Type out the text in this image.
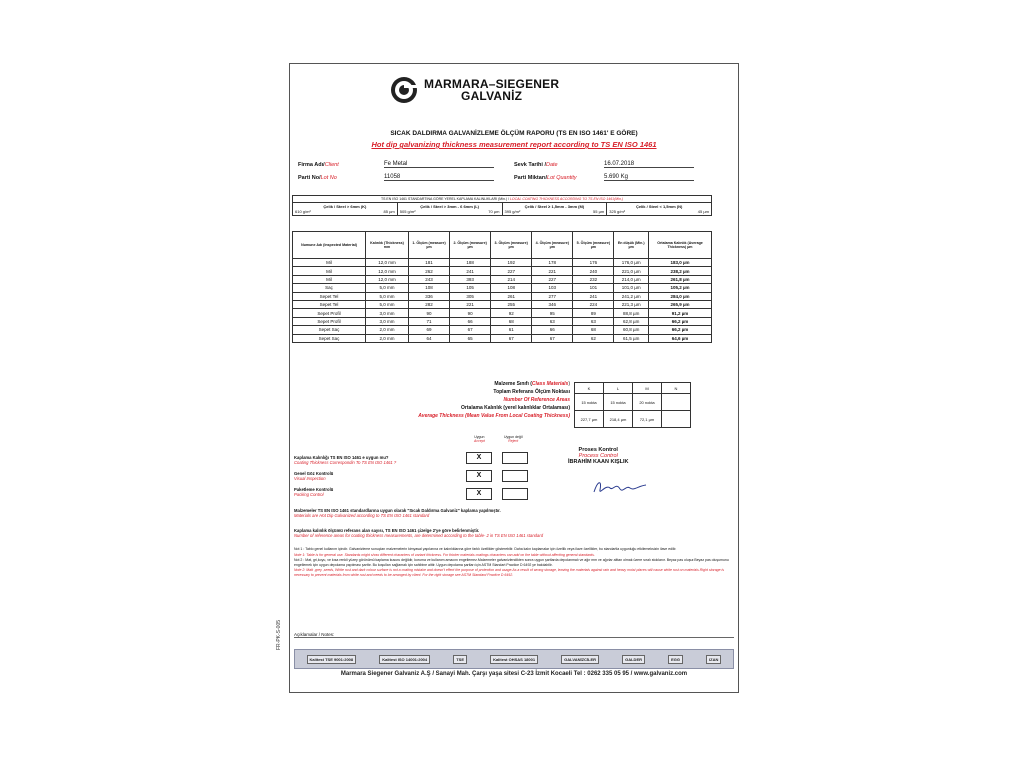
MARMARA–SIEGENER
GALVANİZ
SICAK DALDIRMA GALVANİZLEME ÖLÇÜM RAPORU (TS EN ISO 1461' E GÖRE)
Hot dip galvanizing thickness measurement report according to TS EN ISO 1461
Firma Adı/Client	Fe Metal	Sevk Tarihi /Date	16.07.2018
Parti No/Lot No	11058	Parti Miktarı/Lot Quantity	5.690 Kg
TS EN ISO 1461 STANDARTINA GÖRE YEREL KAPLAMA KALINLIKLARI (Min.) / LOCAL COATING THICKNESS ACCORDING TO TS EN ISO 1461(Min.)
Çelik / Steel > 6mm (K)
610 g/m²	85 µm
Çelik / Steel > 3mm - 6 6mm (L)
505 g/m²	70 µm
Çelik / Steel ≥ 1,5mm - 3mm (M)
395 g/m²	55 µm
Çelik / Steel < 1,5mm (N)
325 g/m²	45 µm
Numune Adı (Inspected Material)	Kalınlık (Thickness) mm	1. Ölçüm (measure) µm	2. Ölçüm (measure) µm	3. Ölçüm (measure) µm	4. Ölçüm (measure) µm	5. Ölçüm (measure) µm	En düşük (Min.) µm	Ortalama Kalınlık (Average Thickness) µm
Mil	12,0 mm	181	188	192	178	176	176,0 µm	183,0 µm
Mil	12,0 mm	262	241	227	221	240	221,0 µm	238,2 µm
Mil	12,0 mm	243	393	214	227	232	214,0 µm	261,8 µm
Saç	5,0 mm	108	105	108	103	101	101,0 µm	105,2 µm
Sepet Tel	5,0 mm	336	305	261	277	241	241,2 µm	284,0 µm
Sepet Tel	5,0 mm	282	221	255	346	224	221,3 µm	265,9 µm
Sepet Profil	3,0 mm	90	90	92	95	89	88,8 µm	91,2 µm
Sepet Profil	3,0 mm	71	66	68	63	63	62,8 µm	66,2 µm
Sepet Saç	2,0 mm	69	67	61	66	68	60,8 µm	66,2 µm
Sepet Saç	2,0 mm	64	65	67	67	62	61,5 µm	64,6 µm
Malzeme Sınıfı (Class Materials)
Toplam Referans Ölçüm Noktası
Number Of Reference Areas
Ortalama Kalınlık (yerel kalınlıklar Ortalaması)
Average Thickness (Mean Value From Local Coating Thickness)
K	L	M	N
15 nokta	15 nokta	20 nokta	
227,7 µm	218,4 µm	72,1 µm	
Uygun
Accept
Uygun değil
Reject
Kaplama Kalınlığı TS EN ISO 1461 e uygun mu?
Coating Thickness Correspondin To TS EN ISO 1461 ?
X
Genel Göz Kontrolü
Visual Inspection	X
Paketleme Kontrolü
Packing Control	X
Proses Kontrol
Process Control
İBRAHİM KAAN KIŞLIK
Malzemeler TS EN ISO 1461 standardlarına uygun olarak "Sıcak Daldırma Galvaniz" kaplama yapılmıştır.
Materials are Hot Dip Galvanized according to TS EN ISO 1461 standard
Kaplama kalınlık ölçümü referans alan sayısı, TS EN ISO 1461 çizelge 2'ye göre belirlenmiştir.
Number of reference areas for coating thickness measurements, are determined according to the table- 2 in TS EN ISO 1461 standard

Not 1 : Tablo genel kullanım içindir. Galvanizleme sonuçları malzemelerin kimyasal yapılarına ve kalınlıklarına göre farklı özellikler gösterebilir. Daha kalın kaplamalar için özellik veya ilave özellikler, bu standartla uygunluğu etkilemeksizin ilave edilir.

Note 1: Table is for general use. Standards might show different characters of variant thickness. For thicker materials coatings characters can add on the table without affecting general standards.

Not 2 : Mat, gri,koyu, ve kısa renkli yüzey görünümü kaplama kusuru değildir, koruma ve kullanım amacını engellemez.Malzemeler galvanizlendikten sonra uygun şartlarda depolanmalı ve ağır mm ve ağırlar alttan olmak üzere sıralı stoklanır. Beyaz pas oluşur.Beyaz pas oluşumunu engellemek için uygun depolama yapılması şarttır. Bu koşulları sağlamak için sahibine aittir. Uygun depolama şartları için ASTM Standart Practice D 6492 ye bakılabilir.

Note 2: Matt ,grey ,seeds, White rust and dark colour surface is not a coating mistake and doesn't effect the purpose of protection and usage.As a result of wrong storage, leaving the materials against rain and heavy moist places will cause white rust on materials.Right storage is necessary to prevent materials from white rust and needs to be arranged by client. For the right storage see ASTM Standard Practice D 6492.

Açıklamalar / Notes:
Kalitest TSE 9001:2008	Kalitest ISO 14001:2004	TSE	Kalitest OHSAS 18001	GALVANİZCİLER	GALDER	EGG	IZAN
Marmara Siegener Galvaniz A.Ş / Sanayi Mah. Çarşı yaşa sitesi C-23 İzmit Kocaeli Tel : 0262 335 05 95 / www.galvaniz.com
FR-PK-S-005
